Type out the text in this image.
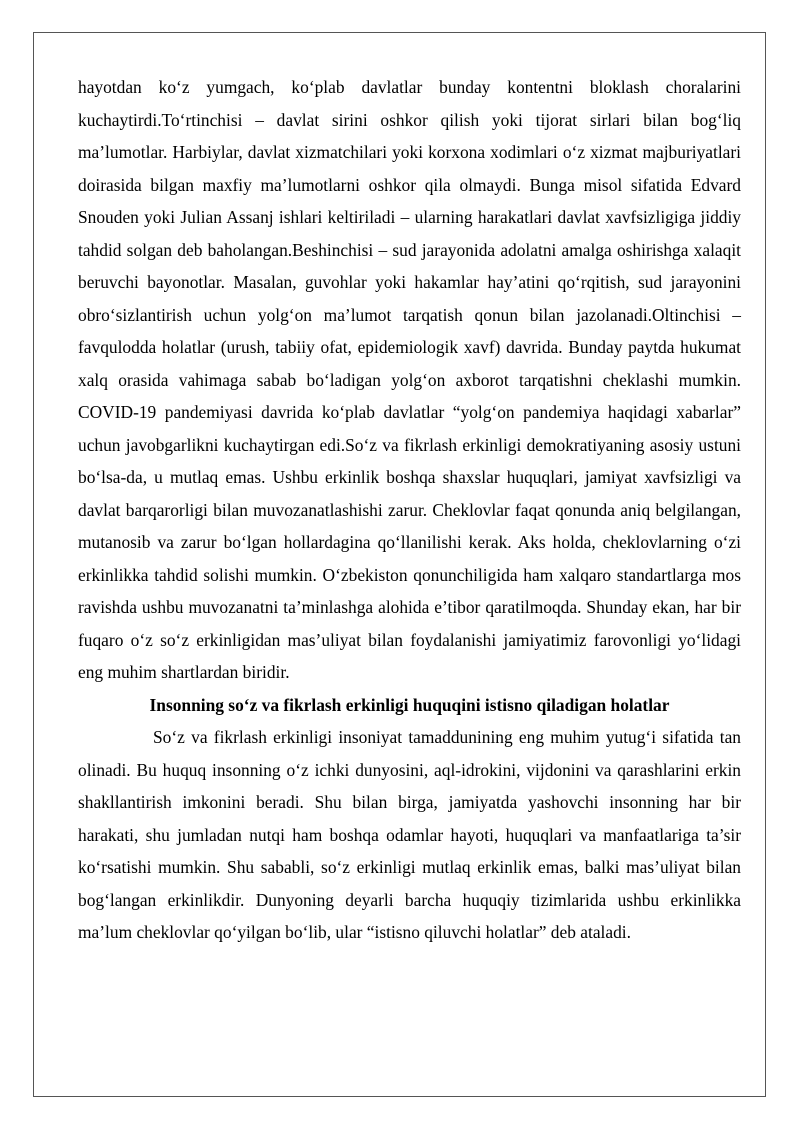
hayotdan ko‘z yumgach, ko‘plab davlatlar bunday kontentni bloklash choralarini kuchaytirdi.To‘rtinchisi – davlat sirini oshkor qilish yoki tijorat sirlari bilan bog‘liq ma’lumotlar. Harbiylar, davlat xizmatchilari yoki korxona xodimlari o‘z xizmat majburiyatlari doirasida bilgan maxfiy ma’lumotlarni oshkor qila olmaydi. Bunga misol sifatida Edvard Snouden yoki Julian Assanj ishlari keltiriladi – ularning harakatlari davlat xavfsizligiga jiddiy tahdid solgan deb baholangan.Beshinchisi – sud jarayonida adolatni amalga oshirishga xalaqit beruvchi bayonotlar. Masalan, guvohlar yoki hakamlar hay’atini qo‘rqitish, sud jarayonini obro‘sizlantirish uchun yolg‘on ma’lumot tarqatish qonun bilan jazolanadi.Oltinchisi – favqulodda holatlar (urush, tabiiy ofat, epidemiologik xavf) davrida. Bunday paytda hukumat xalq orasida vahimaga sabab bo‘ladigan yolg‘on axborot tarqatishni cheklashi mumkin. COVID-19 pandemiyasi davrida ko‘plab davlatlar “yolg‘on pandemiya haqidagi xabarlar” uchun javobgarlikni kuchaytirgan edi.So‘z va fikrlash erkinligi demokratiyaning asosiy ustuni bo‘lsa-da, u mutlaq emas. Ushbu erkinlik boshqa shaxslar huquqlari, jamiyat xavfsizligi va davlat barqarorligi bilan muvozanatlashishi zarur. Cheklovlar faqat qonunda aniq belgilangan, mutanosib va zarur bo‘lgan hollardagina qo‘llanilishi kerak. Aks holda, cheklovlarning o‘zi erkinlikka tahdid solishi mumkin. O‘zbekiston qonunchiligida ham xalqaro standartlarga mos ravishda ushbu muvozanatni ta’minlashga alohida e’tibor qaratilmoqda. Shunday ekan, har bir fuqaro o‘z so‘z erkinligidan mas’uliyat bilan foydalanishi jamiyatimiz farovonligi yo‘lidagi eng muhim shartlardan biridir.

Insonning so‘z va fikrlash erkinligi huquqini istisno qiladigan holatlar

So‘z va fikrlash erkinligi insoniyat tamaddunining eng muhim yutug‘i sifatida tan olinadi. Bu huquq insonning o‘z ichki dunyosini, aql-idrokini, vijdonini va qarashlarini erkin shakllantirish imkonini beradi. Shu bilan birga, jamiyatda yashovchi insonning har bir harakati, shu jumladan nutqi ham boshqa odamlar hayoti, huquqlari va manfaatlariga ta’sir ko‘rsatishi mumkin. Shu sababli, so‘z erkinligi mutlaq erkinlik emas, balki mas’uliyat bilan bog‘langan erkinlikdir. Dunyoning deyarli barcha huquqiy tizimlarida ushbu erkinlikka ma’lum cheklovlar qo‘yilgan bo‘lib, ular “istisno qiluvchi holatlar” deb ataladi.
